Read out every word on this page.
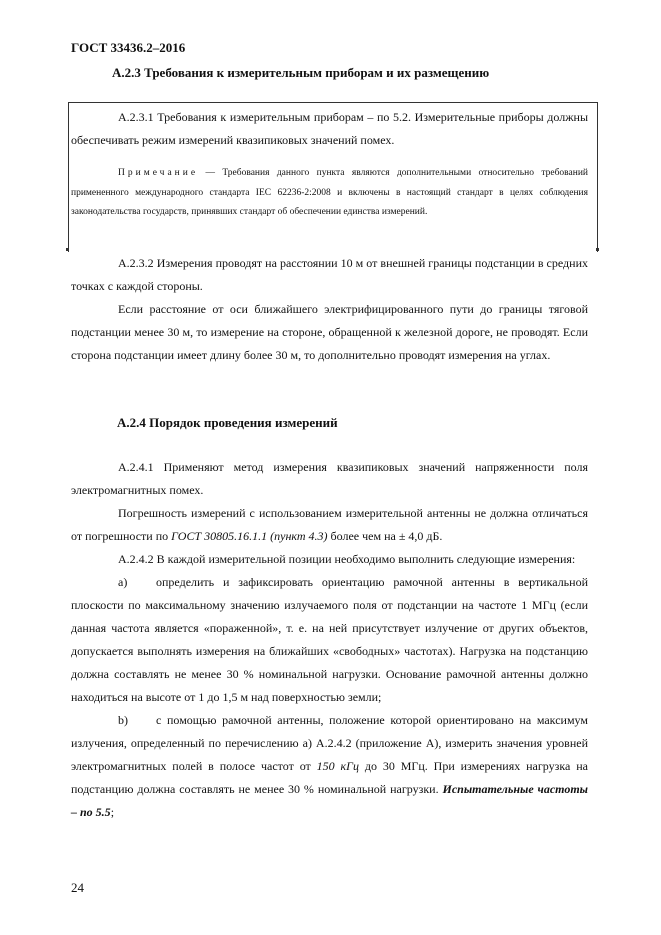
ГОСТ 33436.2–2016
А.2.3 Требования к измерительным приборам и их размещению

А.2.3.1 Требования к измерительным приборам – по 5.2. Измерительные приборы должны обеспечивать режим измерений квазипиковых значений помех.

Примечание — Требования данного пункта являются дополнительными относительно требований примененного международного стандарта IEC 62236-2:2008 и включены в настоящий стандарт в целях соблюдения законодательства государств, принявших стандарт об обеспечении единства измерений.

А.2.3.2 Измерения проводят на расстоянии 10 м от внешней границы подстанции в средних точках с каждой стороны.

Если расстояние от оси ближайшего электрифицированного пути до границы тяговой подстанции менее 30 м, то измерение на стороне, обращенной к железной дороге, не проводят. Если сторона подстанции имеет длину более 30 м, то дополнительно проводят измерения на углах.

А.2.4 Порядок проведения измерений

А.2.4.1 Применяют метод измерения квазипиковых значений напряженности поля электромагнитных помех.

Погрешность измерений с использованием измерительной антенны не должна отличаться от погрешности по ГОСТ 30805.16.1.1 (пункт 4.3) более чем на ± 4,0 дБ.

А.2.4.2 В каждой измерительной позиции необходимо выполнить следующие измерения:

а) определить и зафиксировать ориентацию рамочной антенны в вертикальной плоскости по максимальному значению излучаемого поля от подстанции на частоте 1 МГц (если данная частота является «пораженной», т. е. на ней присутствует излучение от других объектов, допускается выполнять измерения на ближайших «свободных» частотах). Нагрузка на подстанцию должна составлять не менее 30 % номинальной нагрузки. Основание рамочной антенны должно находиться на высоте от 1 до 1,5 м над поверхностью земли;

b) с помощью рамочной антенны, положение которой ориентировано на максимум излучения, определенный по перечислению а) А.2.4.2 (приложение А), измерить значения уровней электромагнитных полей в полосе частот от 150 кГц до 30 МГц. При измерениях нагрузка на подстанцию должна составлять не менее 30 % номинальной нагрузки. Испытательные частоты – по 5.5;

24
